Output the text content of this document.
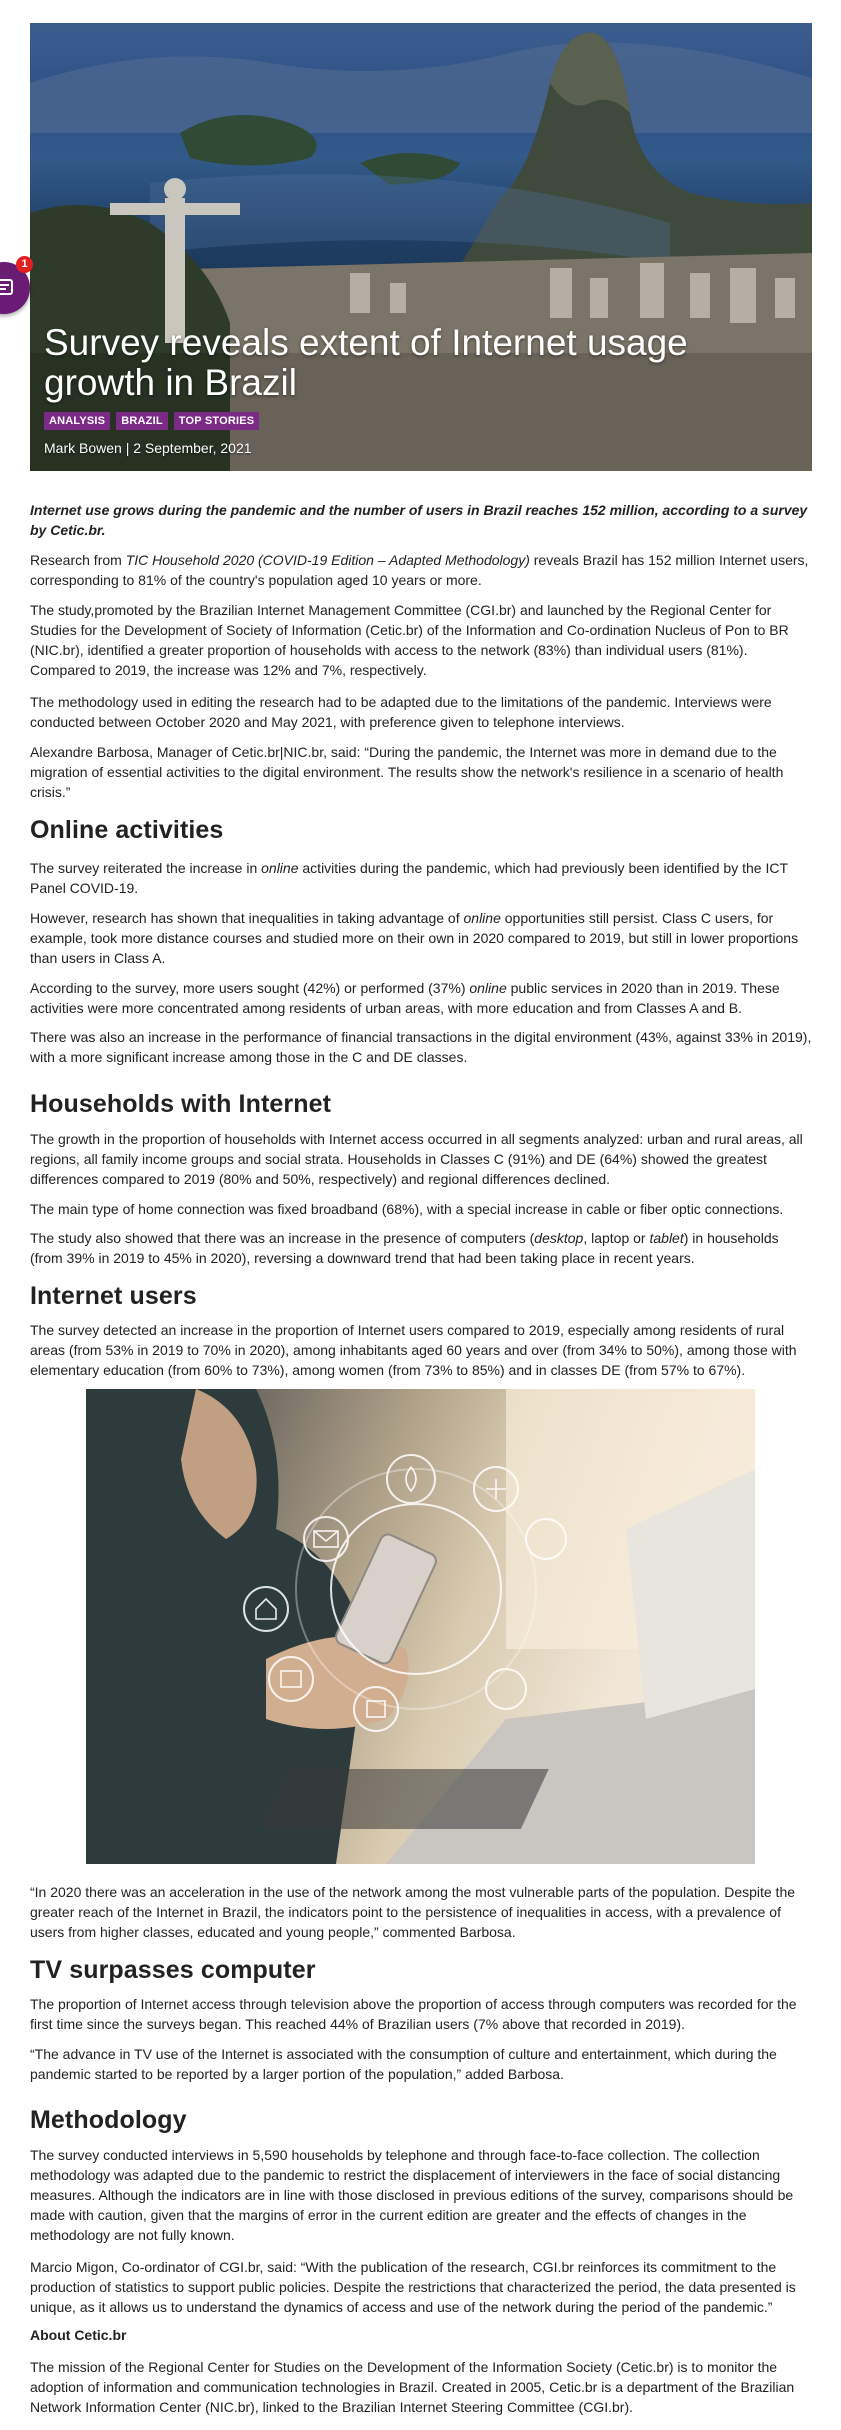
Survey reveals extent of Internet usage growth in Brazil
ANALYSIS	BRAZIL	TOP STORIES
Mark Bowen | 2 September, 2021
1

Internet use grows during the pandemic and the number of users in Brazil reaches 152 million, according to a survey by Cetic.br.

Research from TIC Household 2020 (COVID-19 Edition – Adapted Methodology) reveals Brazil has 152 million Internet users, corresponding to 81% of the country's population aged 10 years or more.

The study,promoted by the Brazilian Internet Management Committee (CGI.br) and launched by the Regional Center for Studies for the Development of Society of Information (Cetic.br) of the Information and Co-ordination Nucleus of Pon to BR (NIC.br), identified a greater proportion of households with access to the network (83%) than individual users (81%). Compared to 2019, the increase was 12% and 7%, respectively.

The methodology used in editing the research had to be adapted due to the limitations of the pandemic. Interviews were conducted between October 2020 and May 2021, with preference given to telephone interviews.

Alexandre Barbosa, Manager of Cetic.br|NIC.br, said: “During the pandemic, the Internet was more in demand due to the migration of essential activities to the digital environment. The results show the network's resilience in a scenario of health crisis.”

Online activities

The survey reiterated the increase in online activities during the pandemic, which had previously been identified by the ICT Panel COVID-19.

However, research has shown that inequalities in taking advantage of online opportunities still persist. Class C users, for example, took more distance courses and studied more on their own in 2020 compared to 2019, but still in lower proportions than users in Class A.

According to the survey, more users sought (42%) or performed (37%) online public services in 2020 than in 2019. These activities were more concentrated among residents of urban areas, with more education and from Classes A and B.

There was also an increase in the performance of financial transactions in the digital environment (43%, against 33% in 2019), with a more significant increase among those in the C and DE classes.

Households with Internet

The growth in the proportion of households with Internet access occurred in all segments analyzed: urban and rural areas, all regions, all family income groups and social strata. Households in Classes C (91%) and DE (64%) showed the greatest differences compared to 2019 (80% and 50%, respectively) and regional differences declined.

The main type of home connection was fixed broadband (68%), with a special increase in cable or fiber optic connections.

The study also showed that there was an increase in the presence of computers (desktop, laptop or tablet) in households (from 39% in 2019 to 45% in 2020), reversing a downward trend that had been taking place in recent years.

Internet users

The survey detected an increase in the proportion of Internet users compared to 2019, especially among residents of rural areas (from 53% in 2019 to 70% in 2020), among inhabitants aged 60 years and over (from 34% to 50%), among those with elementary education (from 60% to 73%), among women (from 73% to 85%) and in classes DE (from 57% to 67%).

“In 2020 there was an acceleration in the use of the network among the most vulnerable parts of the population. Despite the greater reach of the Internet in Brazil, the indicators point to the persistence of inequalities in access, with a prevalence of users from higher classes, educated and young people,” commented Barbosa.

TV surpasses computer

The proportion of Internet access through television above the proportion of access through computers was recorded for the first time since the surveys began. This reached 44% of Brazilian users (7% above that recorded in 2019).

“The advance in TV use of the Internet is associated with the consumption of culture and entertainment, which during the pandemic started to be reported by a larger portion of the population,” added Barbosa.

Methodology

The survey conducted interviews in 5,590 households by telephone and through face-to-face collection. The collection methodology was adapted due to the pandemic to restrict the displacement of interviewers in the face of social distancing measures. Although the indicators are in line with those disclosed in previous editions of the survey, comparisons should be made with caution, given that the margins of error in the current edition are greater and the effects of changes in the methodology are not fully known.

Marcio Migon, Co-ordinator of CGI.br, said: “With the publication of the research, CGI.br reinforces its commitment to the production of statistics to support public policies. Despite the restrictions that characterized the period, the data presented is unique, as it allows us to understand the dynamics of access and use of the network during the period of the pandemic.”

About Cetic.br

The mission of the Regional Center for Studies on the Development of the Information Society (Cetic.br) is to monitor the adoption of information and communication technologies in Brazil. Created in 2005, Cetic.br is a department of the Brazilian Network Information Center (NIC.br), linked to the Brazilian Internet Steering Committee (CGI.br).
